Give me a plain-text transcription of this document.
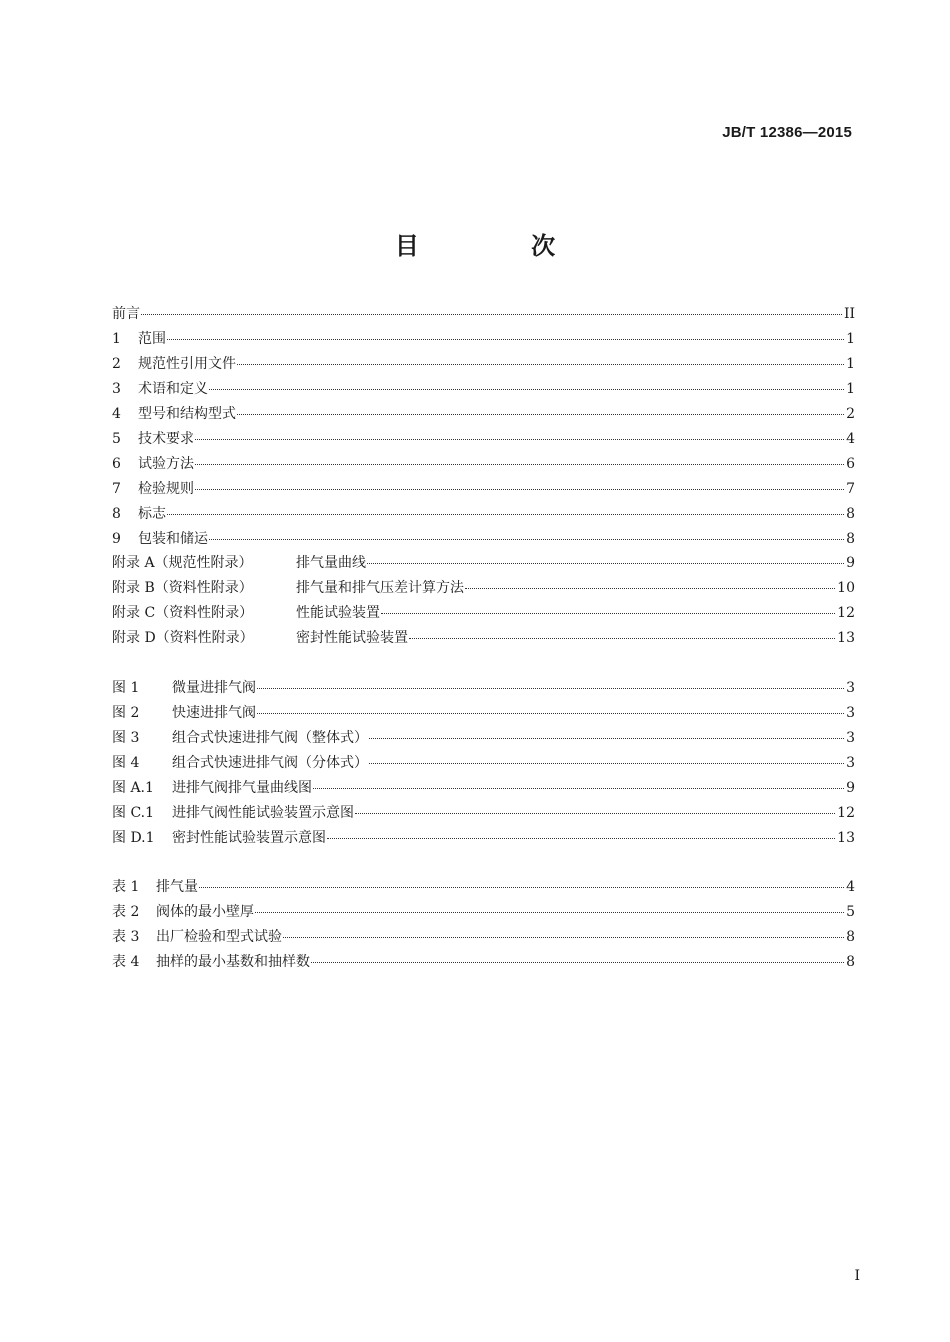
JB/T 12386—2015
目 次
前言	II
1	范围	1
2	规范性引用文件	1
3	术语和定义	1
4	型号和结构型式	2
5	技术要求	4
6	试验方法	6
7	检验规则	7
8	标志	8
9	包装和储运	8
附录 A（规范性附录）	排气量曲线	9
附录 B（资料性附录）	排气量和排气压差计算方法	10
附录 C（资料性附录）	性能试验装置	12
附录 D（资料性附录）	密封性能试验装置	13
图 1	微量进排气阀	3
图 2	快速进排气阀	3
图 3	组合式快速进排气阀（整体式）	3
图 4	组合式快速进排气阀（分体式）	3
图 A.1	进排气阀排气量曲线图	9
图 C.1	进排气阀性能试验装置示意图	12
图 D.1	密封性能试验装置示意图	13
表 1	排气量	4
表 2	阀体的最小壁厚	5
表 3	出厂检验和型式试验	8
表 4	抽样的最小基数和抽样数	8
I
